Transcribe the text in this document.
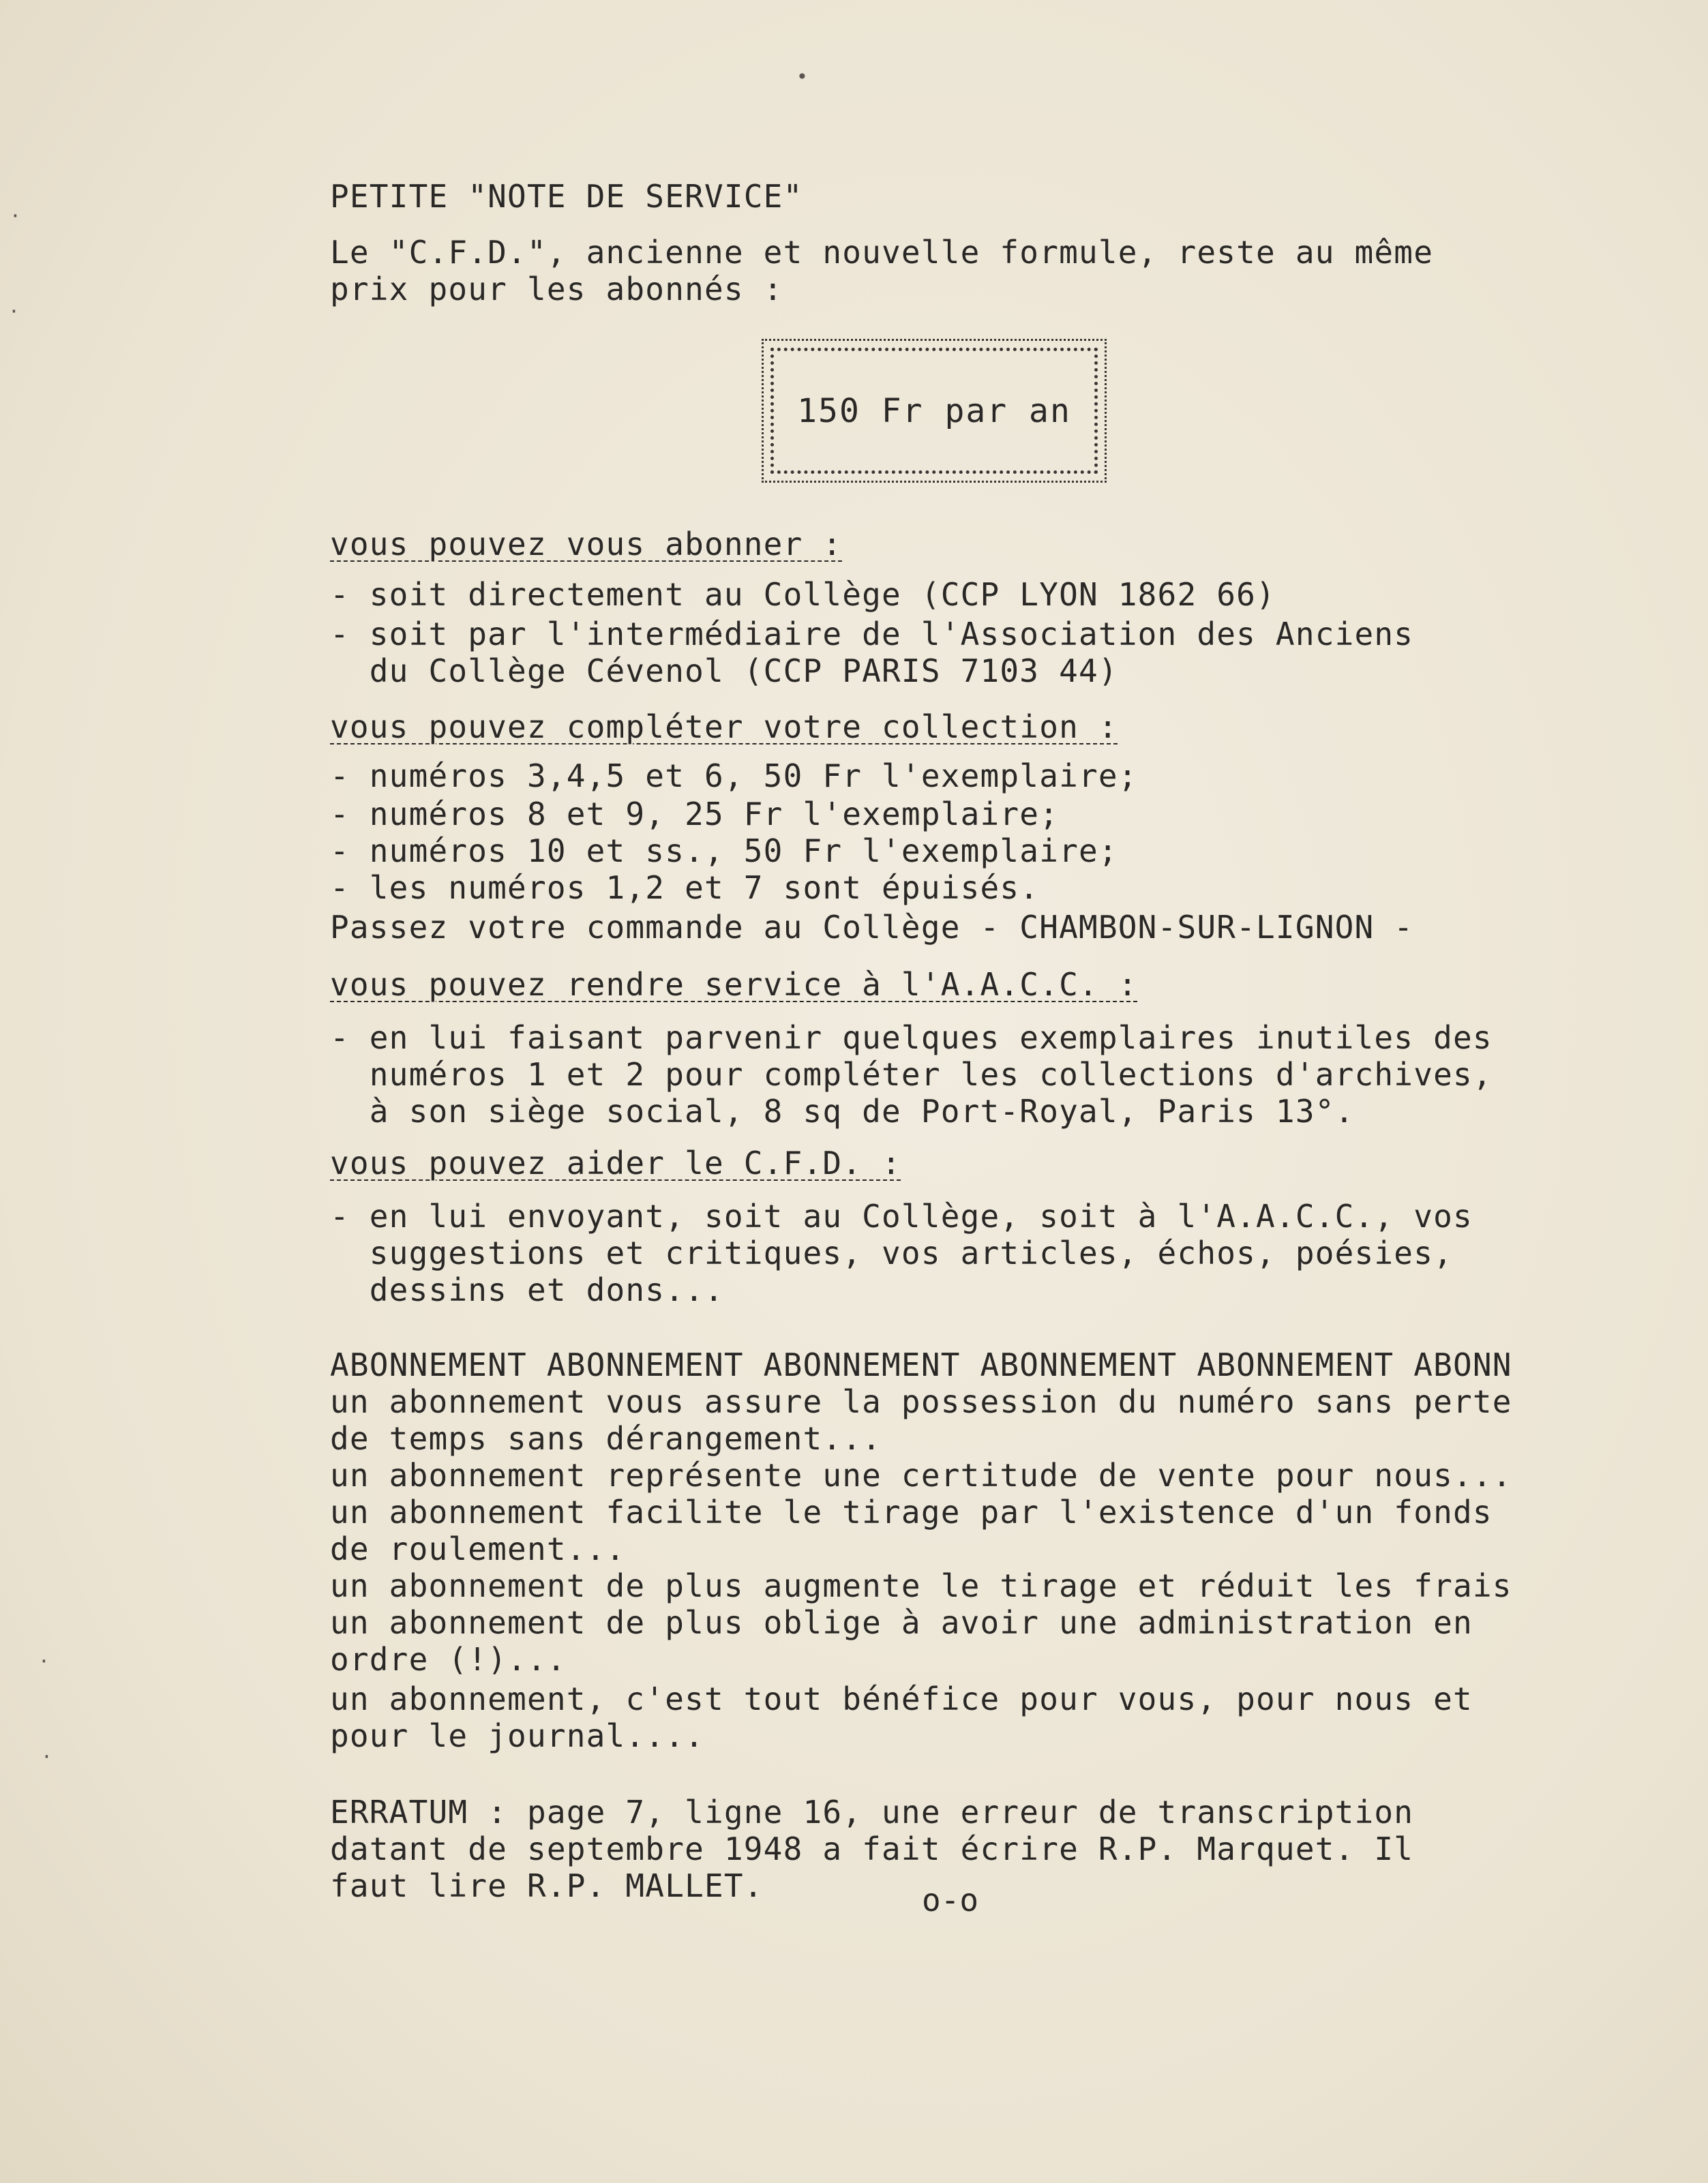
PETITE "NOTE DE SERVICE"
Le "C.F.D.", ancienne et nouvelle formule, reste au même
prix pour les abonnés :
150 Fr par an
vous pouvez vous abonner :
- soit directement au Collège (CCP LYON 1862 66)
- soit par l'intermédiaire de l'Association des Anciens
du Collège Cévenol (CCP PARIS 7103 44)
vous pouvez compléter votre collection :
- numéros 3,4,5 et 6, 50 Fr l'exemplaire;
- numéros 8 et 9, 25 Fr l'exemplaire;
- numéros 10 et ss., 50 Fr l'exemplaire;
- les numéros 1,2 et 7 sont épuisés.
Passez votre commande au Collège - CHAMBON-SUR-LIGNON -
vous pouvez rendre service à l'A.A.C.C. :
- en lui faisant parvenir quelques exemplaires inutiles des
numéros 1 et 2 pour compléter les collections d'archives,
à son siège social, 8 sq de Port-Royal, Paris 13°.
vous pouvez aider le C.F.D. :
- en lui envoyant, soit au Collège, soit à l'A.A.C.C., vos
suggestions et critiques, vos articles, échos, poésies,
dessins et dons...
ABONNEMENT ABONNEMENT ABONNEMENT ABONNEMENT ABONNEMENT ABONN
un abonnement vous assure la possession du numéro sans perte
de temps sans dérangement...
un abonnement représente une certitude de vente pour nous...
un abonnement facilite le tirage par l'existence d'un fonds
de roulement...
un abonnement de plus augmente le tirage et réduit les frais
un abonnement de plus oblige à avoir une administration en
ordre (!)...
un abonnement, c'est tout bénéfice pour vous, pour nous et
pour le journal....
ERRATUM : page 7, ligne 16, une erreur de transcription
datant de septembre 1948 a fait écrire R.P. Marquet. Il
faut lire R.P. MALLET.	o-o
•
·
·
·
·
